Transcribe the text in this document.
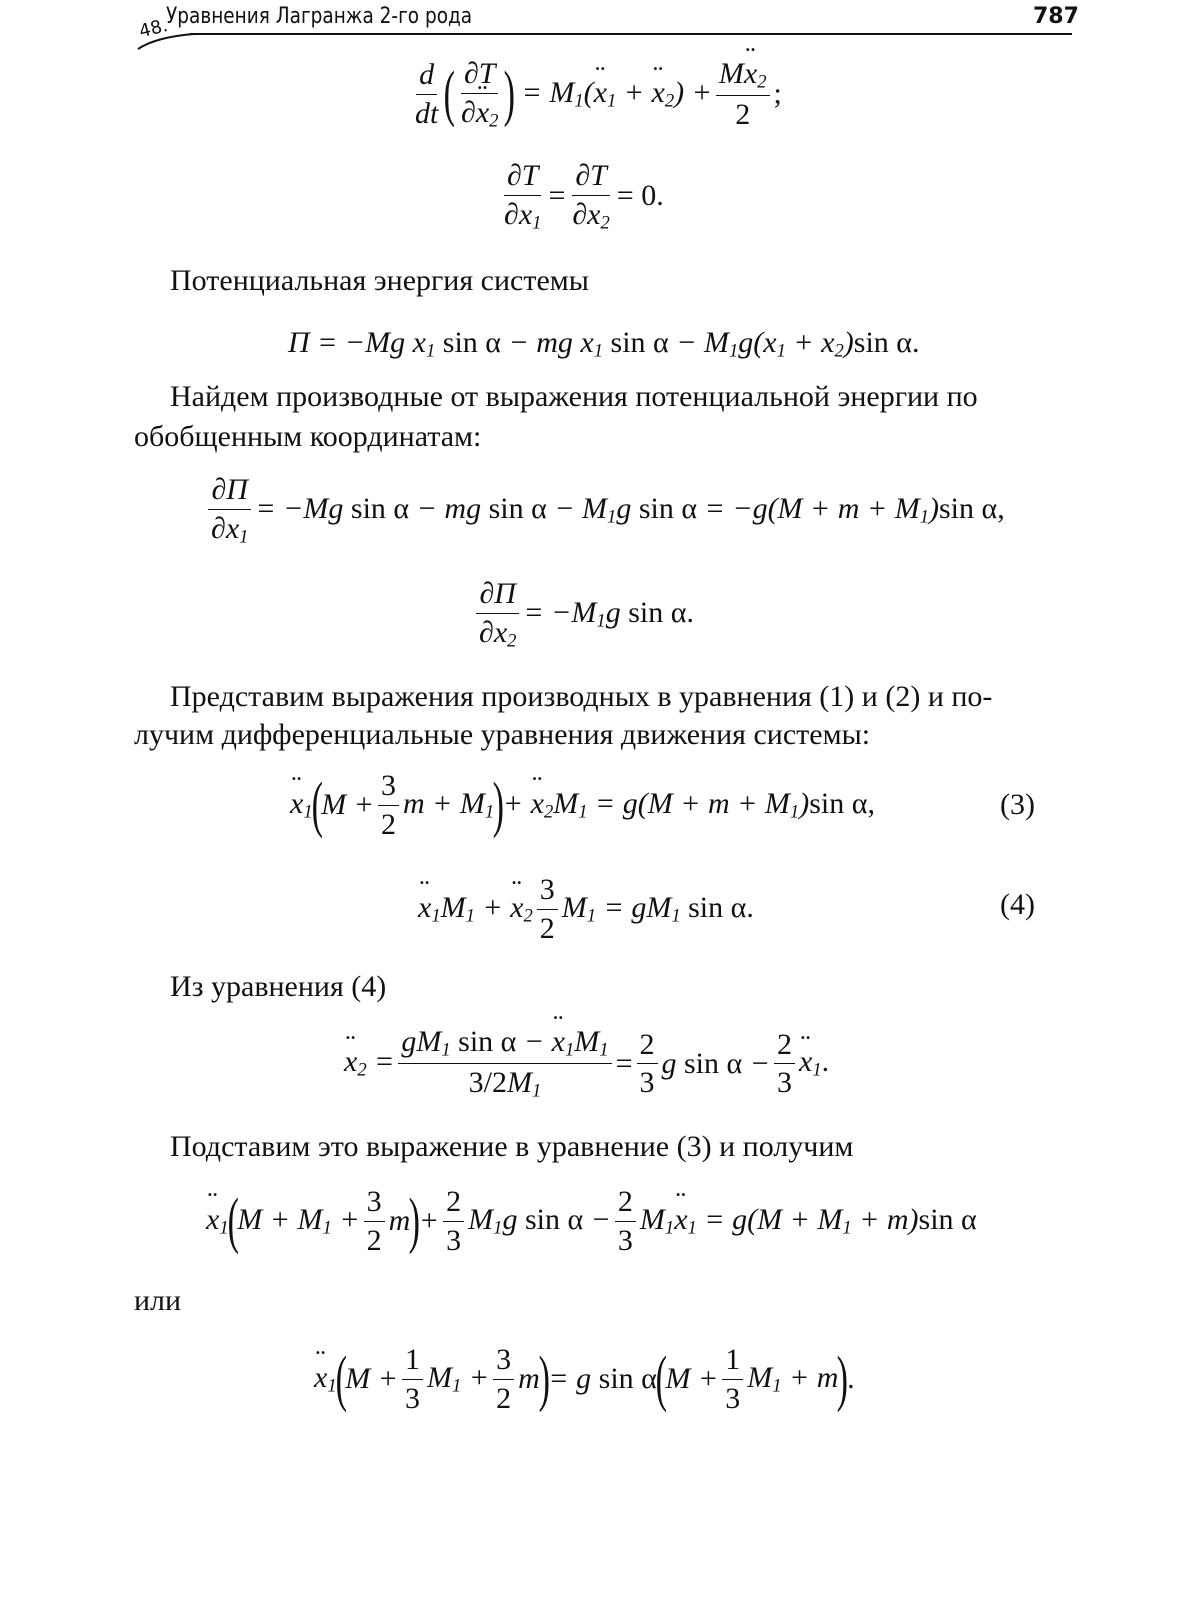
48.
Уравнения Лагранжа 2-го рода	787
$\frac{d}{dt}$ ( $\frac{\partial T}{\partial x ¨_2}$ )
= $M_1(x$ $¨_1 + x$ $¨_2) + \frac{Mx ¨_2}{2}$ ;
$\frac{\partial T}{\partial x_1} = \frac{\partial T}{\partial x_2} = 0$.
Потенциальная энергия системы
П = −Mg $x_1$ sin α − mg $x_1$ $\sin \alpha - M_1g(x_1 + x_2)\sin$ α.
Найдем производные от выражения потенциальной энергии по
обобщенным координатам:
$\frac{\partial П}{\partial x_1} = -Mg$ sin α − mg $\sin \alpha - M_1g$ $\sin \alpha = -g(M + m + M_1)\sin$ α,
$\frac{\partial П}{\partial x_2} = -M_1g$ sin α.
Представим выражения производных в уравнения (1) и (2) и по-
лучим дифференциальные уравнения движения системы:
x $¨_1$
(
$M + \frac{3}{2}$ $m + M_1$
)
+ x $¨_2M_1 = g(M + m + M_1)\sin$ α,	(3)
x $¨_1M_1 + x$ $¨_2 \frac{3}{2} M_1 = gM_1$ sin α.	(4)
Из уравнения (4)
x $¨_2 = \frac{gM_1 \sin \alpha - x ¨_1M_1}{3/2M_1} = \frac{2}{3}$ g $\sin \alpha - \frac{2}{3}$ x $¨_1$.
Подставим это выражение в уравнение (3) и получим
x $¨_1$
(
$M + M_1 + \frac{3}{2}$ m
)
+ $\frac{2}{3} M_1g$ $\sin \alpha - \frac{2}{3} M_1x$ $¨_1 = g(M + M_1 + m)\sin$ α
или
x $¨_1$
(
$M + \frac{1}{3} M_1 + \frac{3}{2}$ m
)
= g sin α
(
$M + \frac{1}{3} M_1 + m$
)
.
